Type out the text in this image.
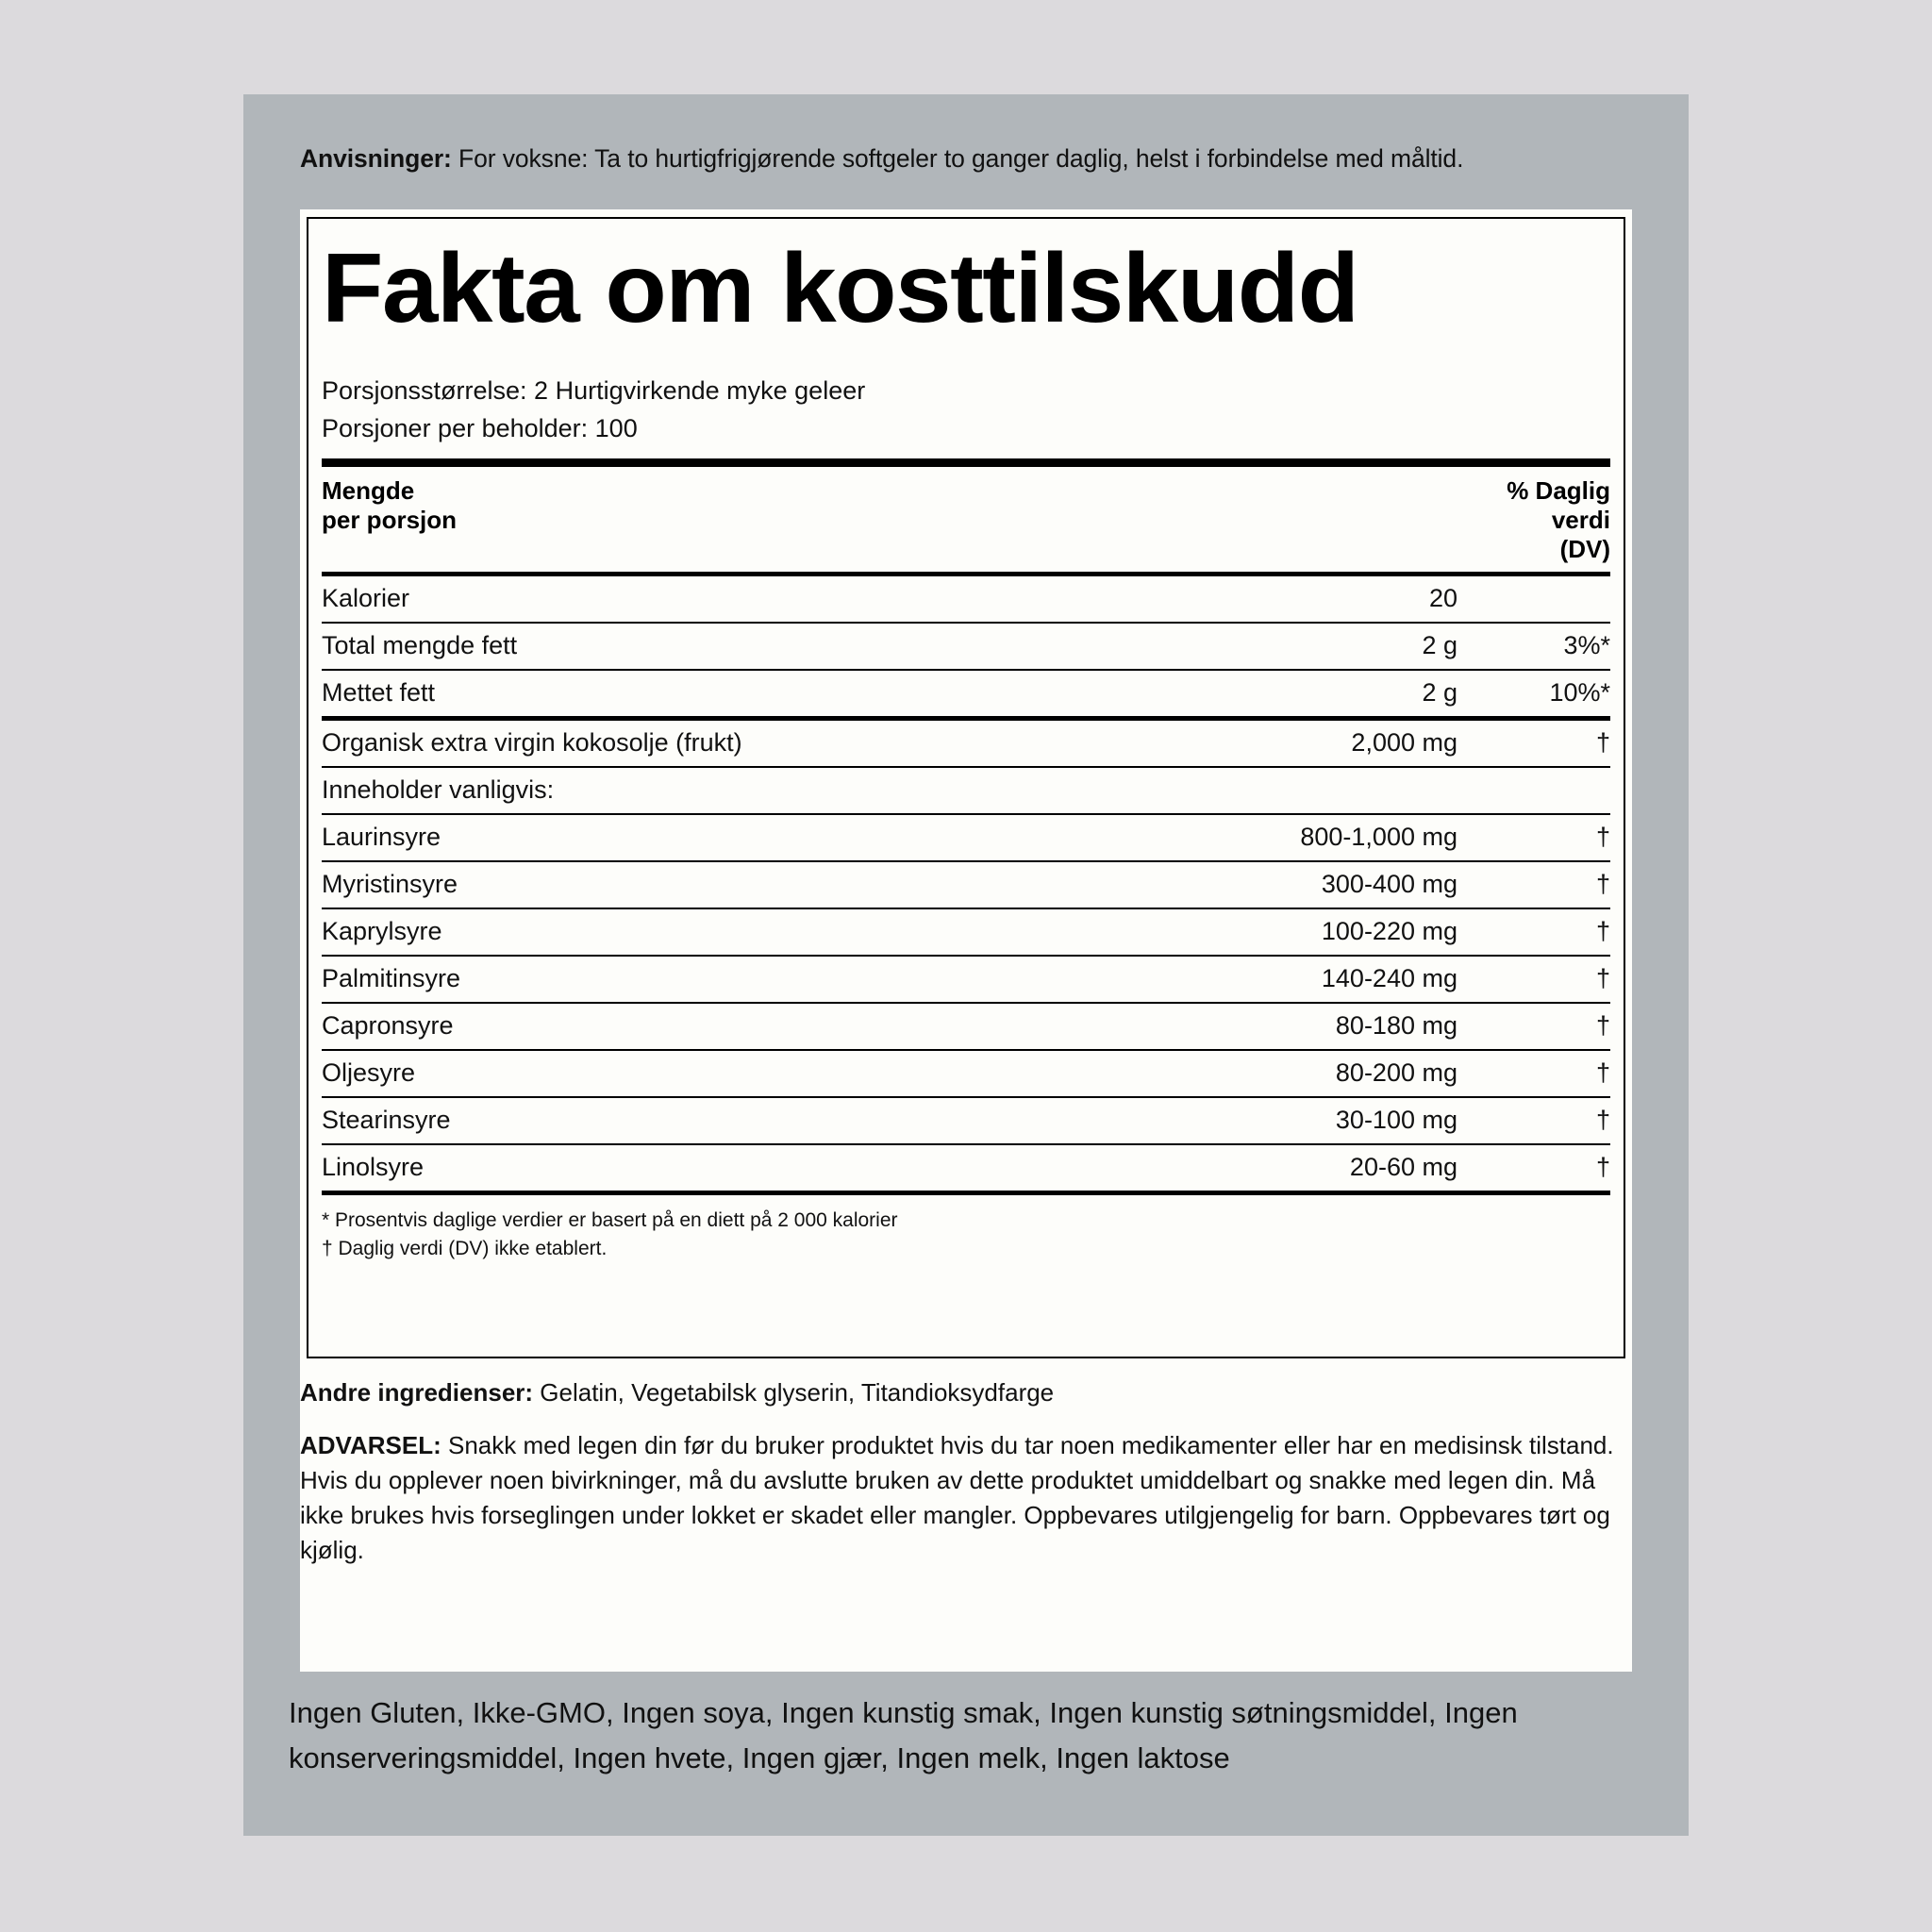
Anvisninger: For voksne: Ta to hurtigfrigjørende softgeler to ganger daglig, helst i forbindelse med måltid.
Fakta om kosttilskudd
Porsjonsstørrelse: 2 Hurtigvirkende myke geleer
Porsjoner per beholder: 100
Mengde
per porsjon
% Daglig
verdi
(DV)
Kalorier	20	
Total mengde fett	2 g	3%*
Mettet fett	2 g	10%*
Organisk extra virgin kokosolje (frukt)	2,000 mg	†
Inneholder vanligvis:		
Laurinsyre	800-1,000 mg	†
Myristinsyre	300-400 mg	†
Kaprylsyre	100-220 mg	†
Palmitinsyre	140-240 mg	†
Capronsyre	80-180 mg	†
Oljesyre	80-200 mg	†
Stearinsyre	30-100 mg	†
Linolsyre	20-60 mg	†
* Prosentvis daglige verdier er basert på en diett på 2 000 kalorier
† Daglig verdi (DV) ikke etablert.
Andre ingredienser: Gelatin, Vegetabilsk glyserin, Titandioksydfarge
ADVARSEL: Snakk med legen din før du bruker produktet hvis du tar noen medikamenter eller har en medisinsk tilstand. Hvis du opplever noen bivirkninger, må du avslutte bruken av dette produktet umiddelbart og snakke med legen din. Må ikke brukes hvis forseglingen under lokket er skadet eller mangler. Oppbevares utilgjengelig for barn. Oppbevares tørt og kjølig.
Ingen Gluten, Ikke-GMO, Ingen soya, Ingen kunstig smak, Ingen kunstig søtningsmiddel, Ingen konserveringsmiddel, Ingen hvete, Ingen gjær, Ingen melk, Ingen laktose
